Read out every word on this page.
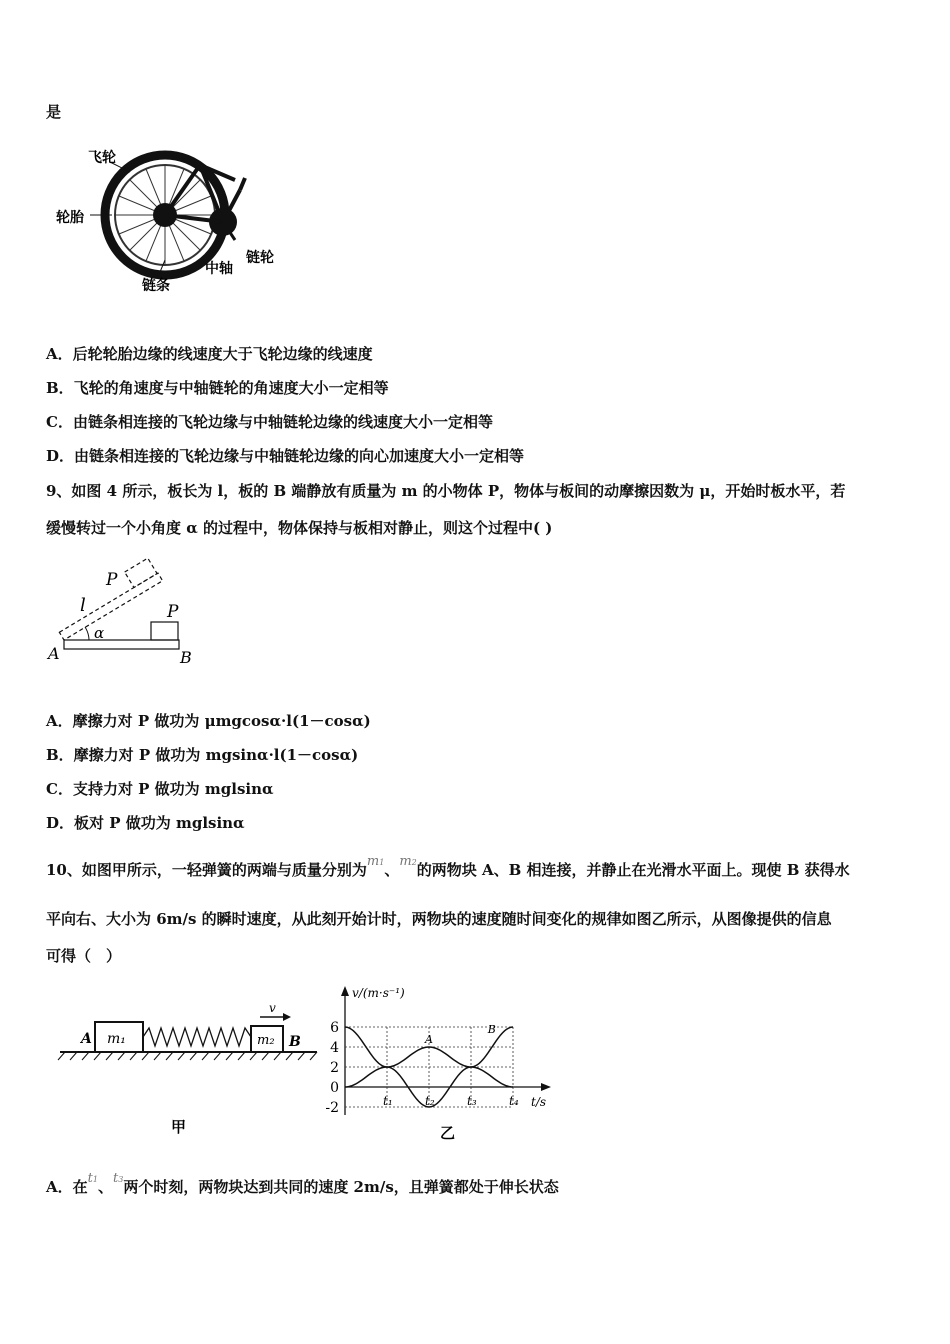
是
飞轮
轮胎
链条
中轴
链轮
A．后轮轮胎边缘的线速度大于飞轮边缘的线速度
B．飞轮的角速度与中轴链轮的角速度大小一定相等
C．由链条相连接的飞轮边缘与中轴链轮边缘的线速度大小一定相等
D．由链条相连接的飞轮边缘与中轴链轮边缘的向心加速度大小一定相等
9、如图 4 所示，板长为 l，板的 B 端静放有质量为 m 的小物体 P，物体与板间的动摩擦因数为 μ，开始时板水平，若
缓慢转过一个小角度 α 的过程中，物体保持与板相对静止，则这个过程中( )
P
P
l
α
A	B
A．摩擦力对 P 做功为 μmgcosα·l(1－cosα)
B．摩擦力对 P 做功为 mgsinα·l(1－cosα)
C．支持力对 P 做功为 mglsinα
D．板对 P 做功为 mglsinα
10、如图甲所示，一轻弹簧的两端与质量分别为m1、m2的两物块 A、B 相连接，并静止在光滑水平面上。现使 B 获得水
平向右、大小为 6m/s 的瞬时速度，从此刻开始计时，两物块的速度随时间变化的规律如图乙所示，从图像提供的信息
可得（　）
A m₁	m₂ B
v
甲
v/(m·s⁻¹)
t/s
乙
6
4
2
0
-2	t₁	t₂	t₃	t₄
A
B
A．在t1、t3两个时刻，两物块达到共同的速度 2m/s，且弹簧都处于伸长状态
